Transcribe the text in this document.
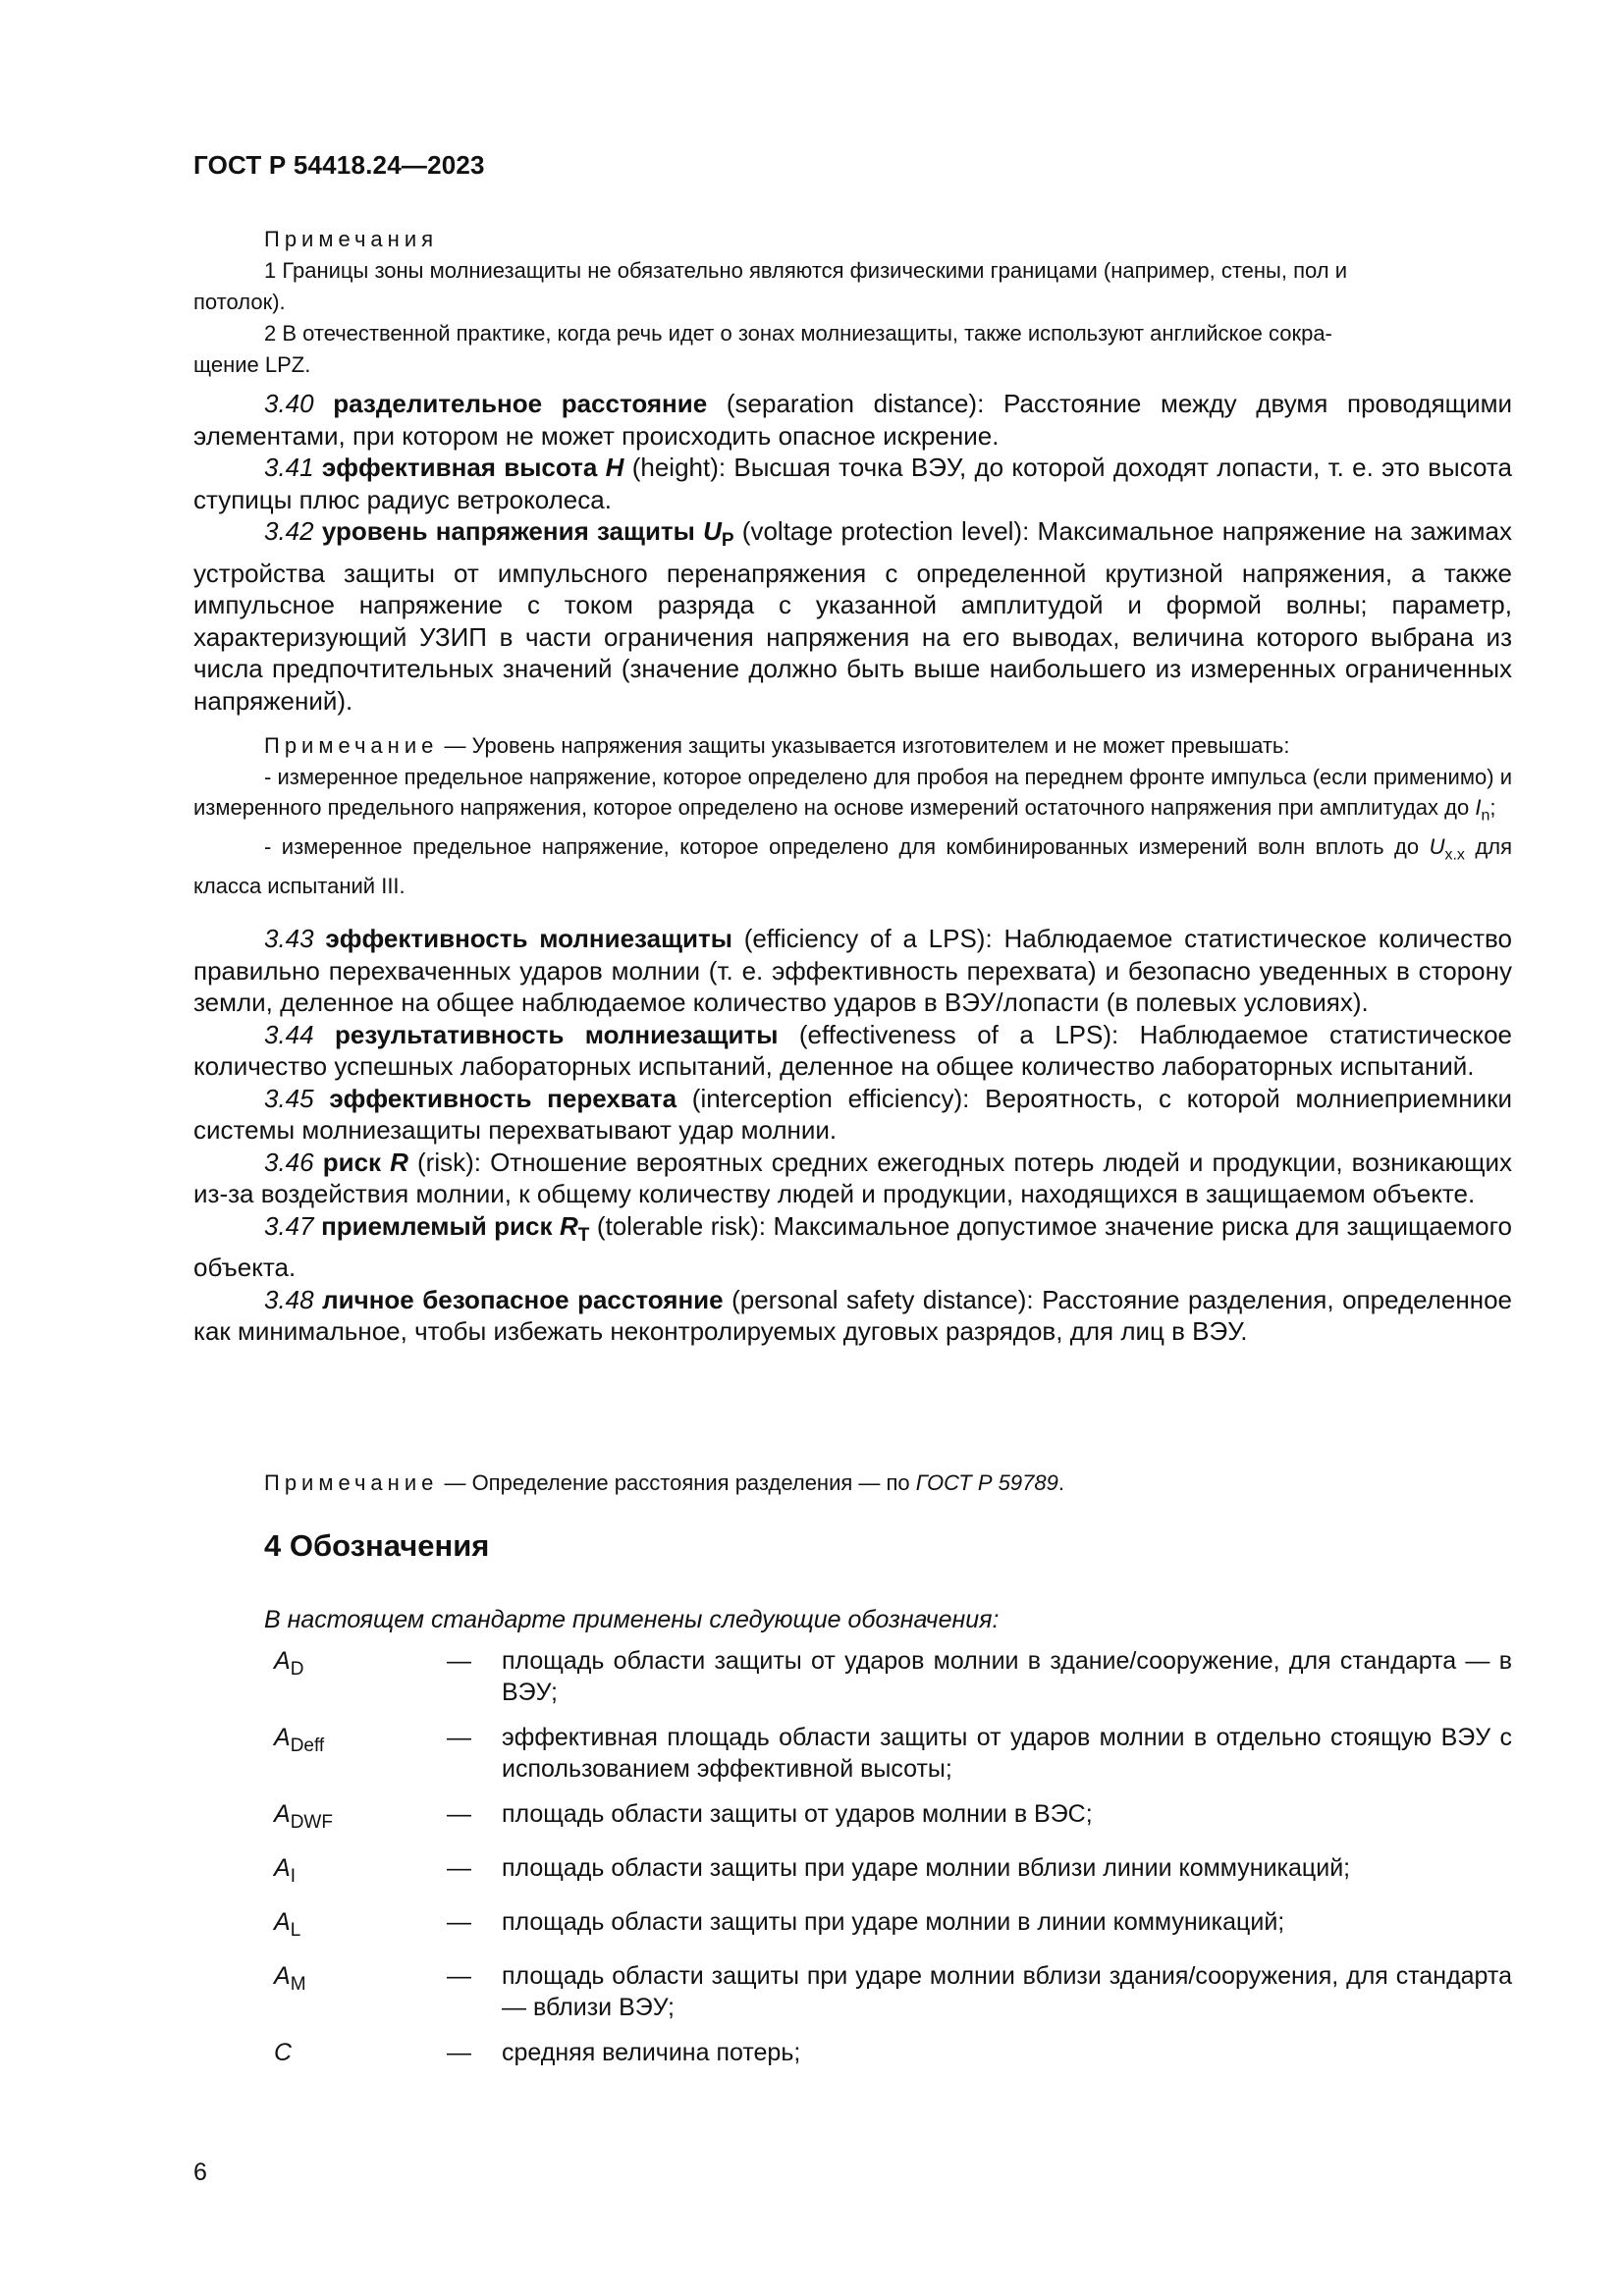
ГОСТ Р 54418.24—2023

Примечания

1 Границы зоны молниезащиты не обязательно являются физическими границами (например, стены, пол и

потолок).

2 В отечественной практике, когда речь идет о зонах молниезащиты, также используют английское сокра-

щение LPZ.

3.40 разделительное расстояние (separation distance): Расстояние между двумя проводящими элементами, при котором не может происходить опасное искрение.

3.41 эффективная высота H (height): Высшая точка ВЭУ, до которой доходят лопасти, т. е. это высота ступицы плюс радиус ветроколеса.

3.42 уровень напряжения защиты $U_P$ (voltage protection level): Максимальное напряжение на зажимах устройства защиты от импульсного перенапряжения с определенной крутизной напряжения, а также импульсное напряжение с током разряда с указанной амплитудой и формой волны; параметр, характеризующий УЗИП в части ограничения напряжения на его выводах, величина которого выбрана из числа предпочтительных значений (значение должно быть выше наибольшего из измеренных ограниченных напряжений).

Примечание — Уровень напряжения защиты указывается изготовителем и не может превышать:

- измеренное предельное напряжение, которое определено для пробоя на переднем фронте импульса (если применимо) и измеренного предельного напряжения, которое определено на основе измерений остаточного напряжения при амплитудах до $I_n$;

- измеренное предельное напряжение, которое определено для комбинированных измерений волн вплоть до $U_{x.x}$ для класса испытаний III.

3.43 эффективность молниезащиты (efficiency of a LPS): Наблюдаемое статистическое количество правильно перехваченных ударов молнии (т. е. эффективность перехвата) и безопасно уведенных в сторону земли, деленное на общее наблюдаемое количество ударов в ВЭУ/лопасти (в полевых условиях).

3.44 результативность молниезащиты (effectiveness of a LPS): Наблюдаемое статистическое количество успешных лабораторных испытаний, деленное на общее количество лабораторных испытаний.

3.45 эффективность перехвата (interception efficiency): Вероятность, с которой молниеприемники системы молниезащиты перехватывают удар молнии.

3.46 риск R (risk): Отношение вероятных средних ежегодных потерь людей и продукции, возникающих из-за воздействия молнии, к общему количеству людей и продукции, находящихся в защищаемом объекте.

3.47 приемлемый риск $R_T$ (tolerable risk): Максимальное допустимое значение риска для защищаемого объекта.

3.48 личное безопасное расстояние (personal safety distance): Расстояние разделения, определенное как минимальное, чтобы избежать неконтролируемых дуговых разрядов, для лиц в ВЭУ.

Примечание — Определение расстояния разделения — по ГОСТ Р 59789.
4 Обозначения
В настоящем стандарте применены следующие обозначения:
$A_D$	—	площадь области защиты от ударов молнии в здание/сооружение, для стандарта — в ВЭУ;
$A_{Deff}$	—	эффективная площадь области защиты от ударов молнии в отдельно стоящую ВЭУ с использованием эффективной высоты;
$A_{DWF}$	—	площадь области защиты от ударов молнии в ВЭС;
$A_I$	—	площадь области защиты при ударе молнии вблизи линии коммуникаций;
$A_L$	—	площадь области защиты при ударе молнии в линии коммуникаций;
$A_M$	—	площадь области защиты при ударе молнии вблизи здания/сооружения, для стандарта — вблизи ВЭУ;
C	—	средняя величина потерь;
6
